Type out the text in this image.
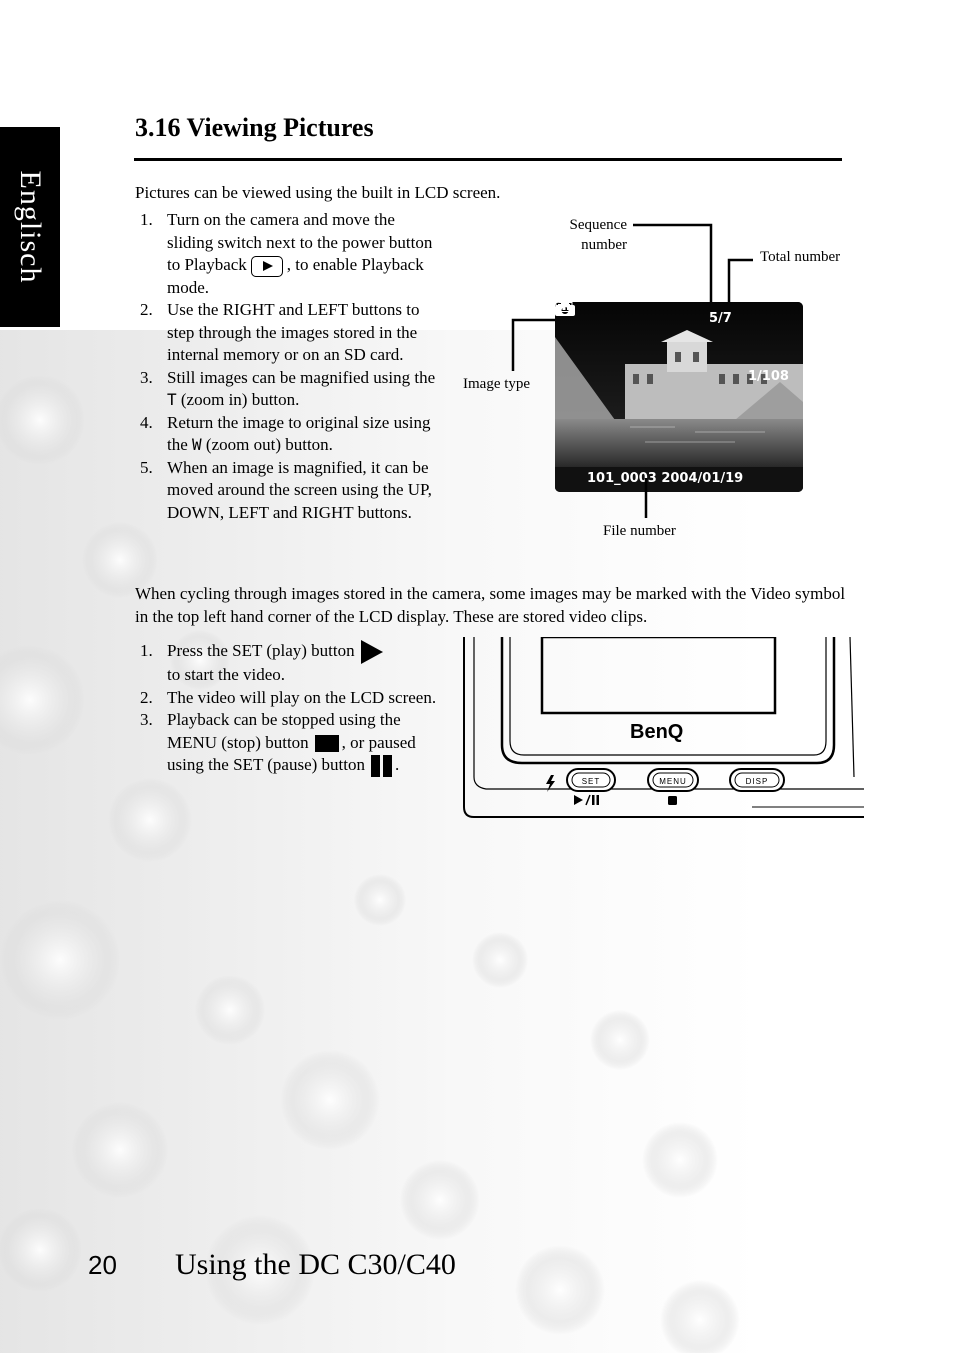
Englisch
3.16 Viewing Pictures
Pictures can be viewed using the built in LCD screen.
1. Turn on the camera and move the sliding switch next to the power button to Playback , to enable Playback mode.
2. Use the RIGHT and LEFT buttons to step through the images stored in the internal memory or on an SD card.
3. Still images can be magnified using the T (zoom in) button.
4. Return the image to original size using the W (zoom out) button.
5. When an image is magnified, it can be moved around the screen using the UP, DOWN, LEFT and RIGHT buttons.
5/7
1/108
101_0003 2004/01/19
Sequence number
Total number
Image type
File number
When cycling through images stored in the camera, some images may be marked with the Video symbol in the top left hand corner of the LCD display. These are stored video clips.
1. Press the SET (play) button
to start the video.
2. The video will play on the LCD screen.
3. Playback can be stopped using the MENU (stop) button , or paused using the SET (pause) button .
BenQ
SET	MENU	DISP
20 Using the DC C30/C40
